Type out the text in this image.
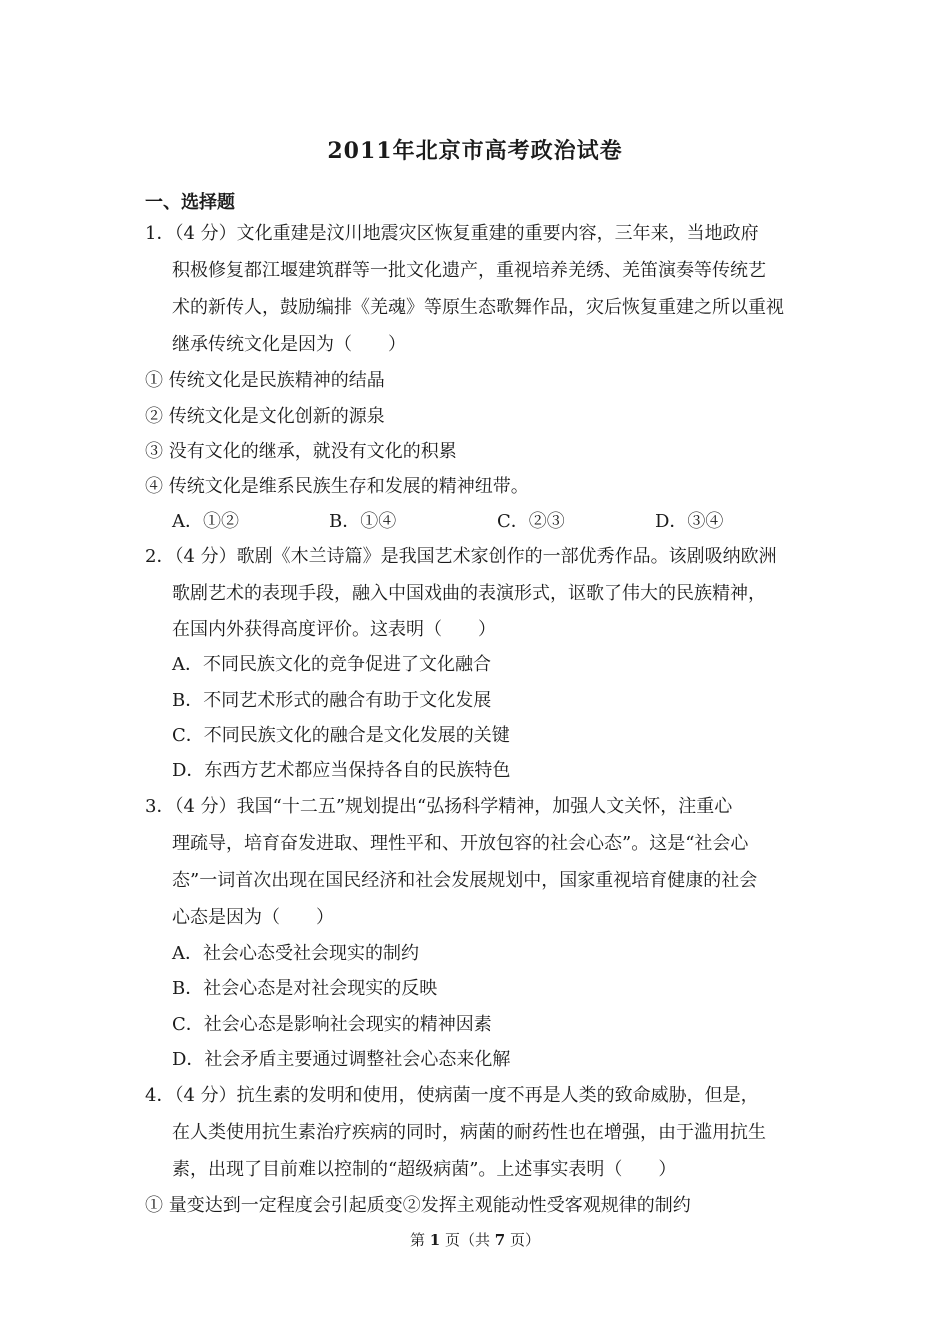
2011年北京市高考政治试卷
一、选择题
1．（4 分）文化重建是汶川地震灾区恢复重建的重要内容，三年来，当地政府
积极修复都江堰建筑群等一批文化遗产，重视培养羌绣、羌笛演奏等传统艺
术的新传人，鼓励编排《羌魂》等原生态歌舞作品，灾后恢复重建之所以重视
继承传统文化是因为（　　）
① 传统文化是民族精神的结晶
② 传统文化是文化创新的源泉
③ 没有文化的继承，就没有文化的积累
④ 传统文化是维系民族生存和发展的精神纽带。
A．①②	B．①④	C．②③	D．③④
2．（4 分）歌剧《木兰诗篇》是我国艺术家创作的一部优秀作品。该剧吸纳欧洲
歌剧艺术的表现手段，融入中国戏曲的表演形式，讴歌了伟大的民族精神，
在国内外获得高度评价。这表明（　　）
A．不同民族文化的竞争促进了文化融合
B．不同艺术形式的融合有助于文化发展
C．不同民族文化的融合是文化发展的关键
D．东西方艺术都应当保持各自的民族特色
3．（4 分）我国“十二五”规划提出“弘扬科学精神，加强人文关怀，注重心
理疏导，培育奋发进取、理性平和、开放包容的社会心态”。这是“社会心
态”一词首次出现在国民经济和社会发展规划中，国家重视培育健康的社会
心态是因为（　　）
A．社会心态受社会现实的制约
B．社会心态是对社会现实的反映
C．社会心态是影响社会现实的精神因素
D．社会矛盾主要通过调整社会心态来化解
4．（4 分）抗生素的发明和使用，使病菌一度不再是人类的致命威胁，但是，
在人类使用抗生素治疗疾病的同时，病菌的耐药性也在增强，由于滥用抗生
素，出现了目前难以控制的“超级病菌”。上述事实表明（　　）
① 量变达到一定程度会引起质变②发挥主观能动性受客观规律的制约
第 1 页（共 7 页）
